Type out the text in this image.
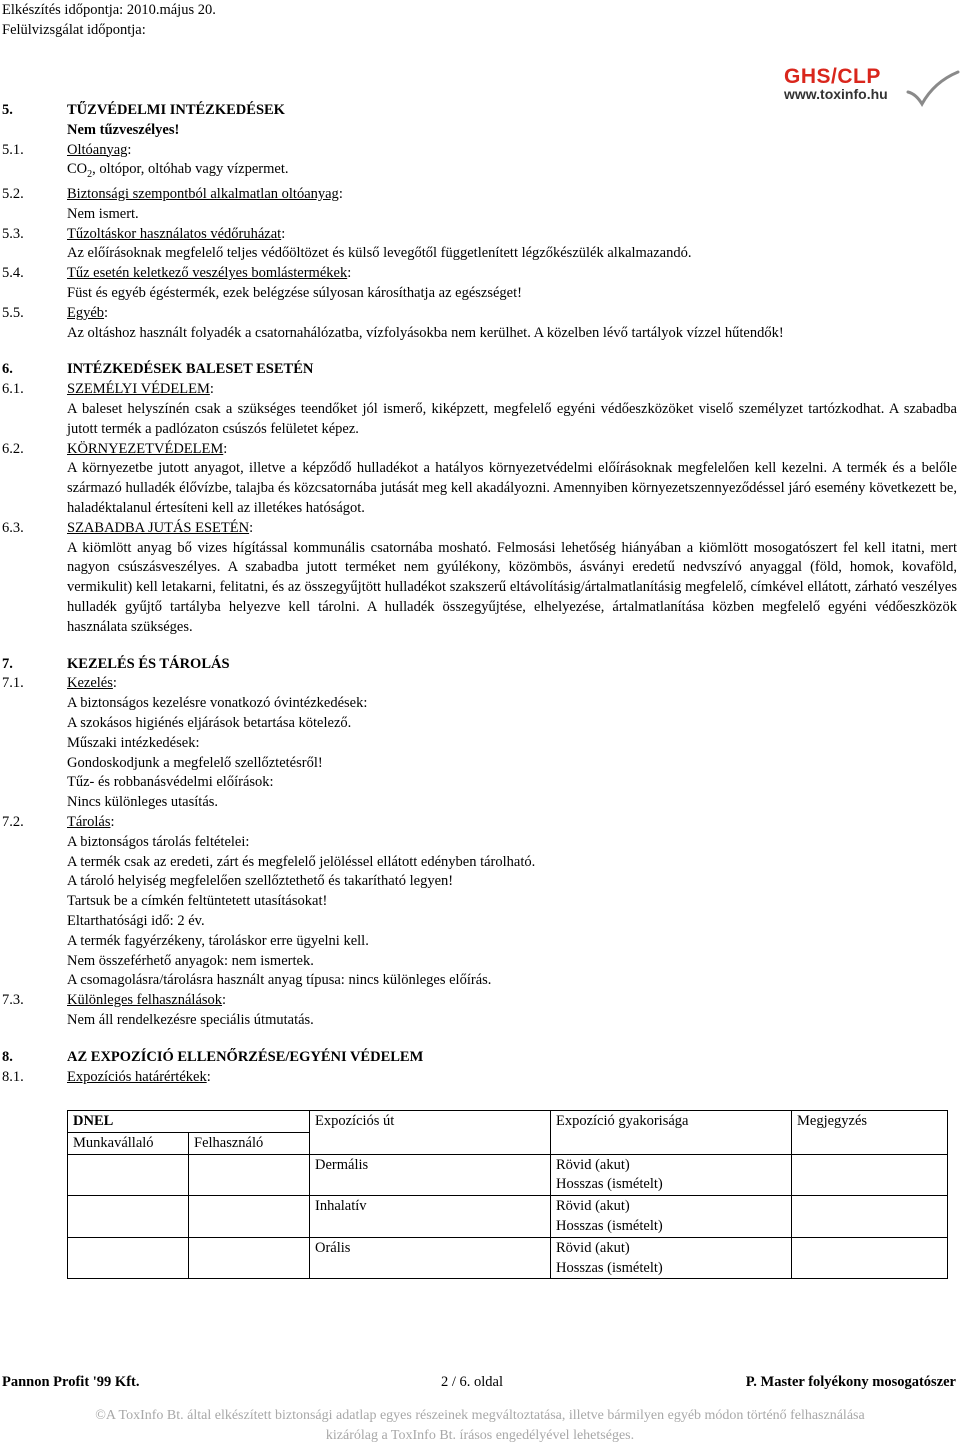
Elkészítés időpontja: 2010.május 20.
Felülvizsgálat időpontja:
GHS/CLP
www.toxinfo.hu
5.	TŰZVÉDELMI INTÉZKEDÉSEK
Nem tűzveszélyes!
5.1.	Oltóanyag:
$CO_2$, oltópor, oltóhab vagy vízpermet.
5.2.	Biztonsági szempontból alkalmatlan oltóanyag:
Nem ismert.
5.3.	Tűzoltáskor használatos védőruházat:
Az előírásoknak megfelelő teljes védőöltözet és külső levegőtől függetlenített légzőkészülék alkalmazandó.
5.4.	Tűz esetén keletkező veszélyes bomlástermékek:
Füst és egyéb égéstermék, ezek belégzése súlyosan károsíthatja az egészséget!
5.5.	Egyéb:
Az oltáshoz használt folyadék a csatornahálózatba, vízfolyásokba nem kerülhet. A közelben lévő tartályok vízzel hűtendők!
6.	INTÉZKEDÉSEK BALESET ESETÉN
6.1.	SZEMÉLYI VÉDELEM:
A baleset helyszínén csak a szükséges teendőket jól ismerő, kiképzett, megfelelő egyéni védőeszközöket viselő személyzet tartózkodhat. A szabadba jutott termék a padlózaton csúszós felületet képez.
6.2.	KÖRNYEZETVÉDELEM:
A környezetbe jutott anyagot, illetve a képződő hulladékot a hatályos környezetvédelmi előírásoknak megfelelően kell kezelni. A termék és a belőle származó hulladék élővízbe, talajba és közcsatornába jutását meg kell akadályozni. Amennyiben környezetszennyeződéssel járó esemény következett be, haladéktalanul értesíteni kell az illetékes hatóságot.
6.3.	SZABADBA JUTÁS ESETÉN:
A kiömlött anyag bő vizes hígítással kommunális csatornába mosható. Felmosási lehetőség hiányában a kiömlött mosogatószert fel kell itatni, mert nagyon csúszásveszélyes. A szabadba jutott terméket nem gyúlékony, közömbös, ásványi eredetű nedvszívó anyaggal (föld, homok, kovaföld, vermikulit) kell letakarni, felitatni, és az összegyűjtött hulladékot szakszerű eltávolításig/ártalmatlanításig megfelelő, címkével ellátott, zárható veszélyes hulladék gyűjtő tartályba helyezve kell tárolni. A hulladék összegyűjtése, elhelyezése, ártalmatlanítása közben megfelelő egyéni védőeszközök használata szükséges.
7.	KEZELÉS ÉS TÁROLÁS
7.1.	Kezelés:
A biztonságos kezelésre vonatkozó óvintézkedések:
A szokásos higiénés eljárások betartása kötelező.
Műszaki intézkedések:
Gondoskodjunk a megfelelő szellőztetésről!
Tűz- és robbanásvédelmi előírások:
Nincs különleges utasítás.
7.2.	Tárolás:
A biztonságos tárolás feltételei:
A termék csak az eredeti, zárt és megfelelő jelöléssel ellátott edényben tárolható.
A tároló helyiség megfelelően szellőztethető és takarítható legyen!
Tartsuk be a címkén feltüntetett utasításokat!
Eltarthatósági idő: 2 év.
A termék fagyérzékeny, tároláskor erre ügyelni kell.
Nem összeférhető anyagok: nem ismertek.
A csomagolásra/tárolásra használt anyag típusa: nincs különleges előírás.
7.3.	Különleges felhasználások:
Nem áll rendelkezésre speciális útmutatás.
8.	AZ EXPOZÍCIÓ ELLENŐRZÉSE/EGYÉNI VÉDELEM
8.1.	Expozíciós határértékek:
DNEL		Expozíciós út	Expozíció gyakorisága	Megjegyzés
Munkavállaló	Felhasználó			
		Dermális	Rövid (akut)
Hosszas (ismételt)	

		Inhalatív	Rövid (akut)
Hosszas (ismételt)	

		Orális	Rövid (akut)
Hosszas (ismételt)	

Pannon Profit '99 Kft.	2 / 6. oldal	P. Master folyékony mosogatószer
©A ToxInfo Bt. által elkészített biztonsági adatlap egyes részeinek megváltoztatása, illetve bármilyen egyéb módon történő felhasználása
kizárólag a ToxInfo Bt. írásos engedélyével lehetséges.
